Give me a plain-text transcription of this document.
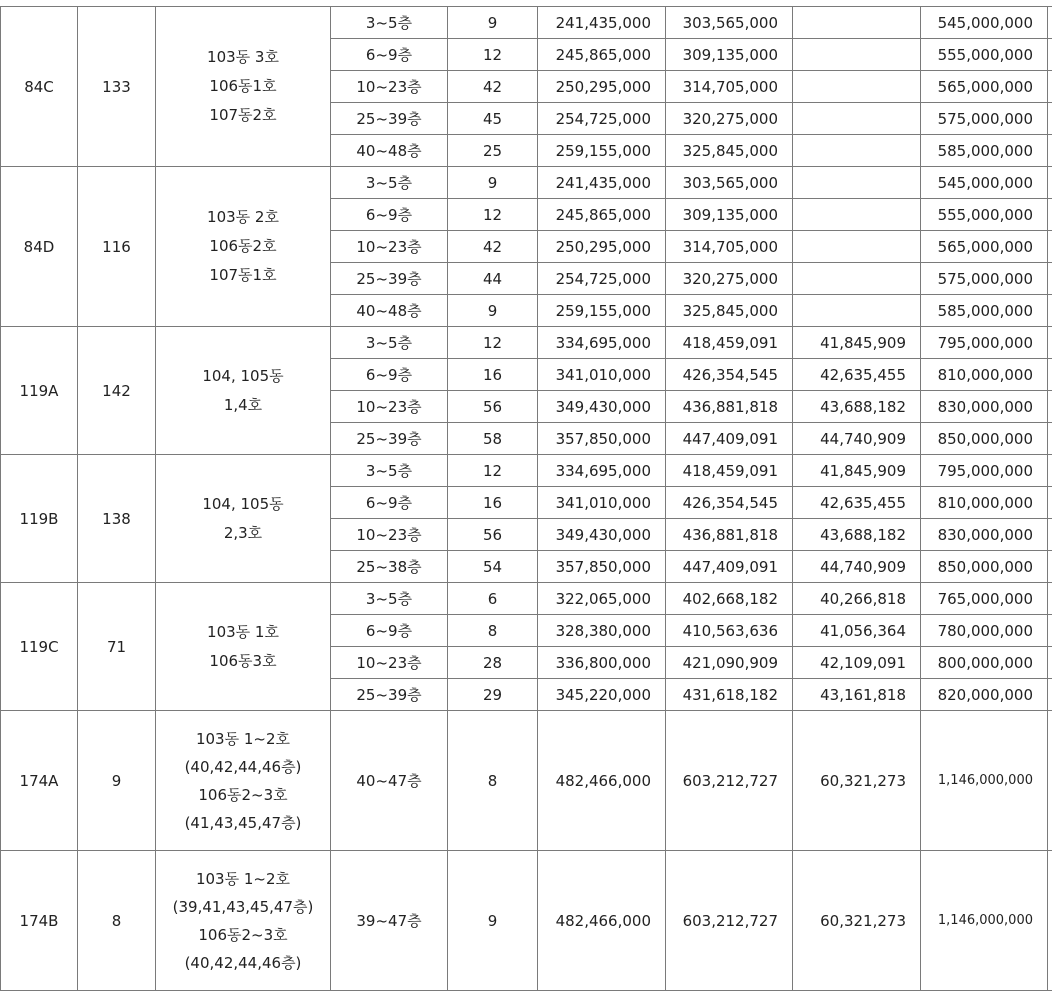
84C	133	103동 3호
106동1호
107동2호	3~5층	9	241,435,000	303,565,000		545,000,000	
			6~9층	12	245,865,000	309,135,000		555,000,000	
			10~23층	42	250,295,000	314,705,000		565,000,000	
			25~39층	45	254,725,000	320,275,000		575,000,000	
			40~48층	25	259,155,000	325,845,000		585,000,000	
84D	116	103동 2호
106동2호
107동1호	3~5층	9	241,435,000	303,565,000		545,000,000	
			6~9층	12	245,865,000	309,135,000		555,000,000	
			10~23층	42	250,295,000	314,705,000		565,000,000	
			25~39층	44	254,725,000	320,275,000		575,000,000	
			40~48층	9	259,155,000	325,845,000		585,000,000	
119A	142	104, 105동
1,4호	3~5층	12	334,695,000	418,459,091	41,845,909	795,000,000	
			6~9층	16	341,010,000	426,354,545	42,635,455	810,000,000	
			10~23층	56	349,430,000	436,881,818	43,688,182	830,000,000	
			25~39층	58	357,850,000	447,409,091	44,740,909	850,000,000	
119B	138	104, 105동
2,3호	3~5층	12	334,695,000	418,459,091	41,845,909	795,000,000	
			6~9층	16	341,010,000	426,354,545	42,635,455	810,000,000	
			10~23층	56	349,430,000	436,881,818	43,688,182	830,000,000	
			25~38층	54	357,850,000	447,409,091	44,740,909	850,000,000	
119C	71	103동 1호
106동3호	3~5층	6	322,065,000	402,668,182	40,266,818	765,000,000	
			6~9층	8	328,380,000	410,563,636	41,056,364	780,000,000	
			10~23층	28	336,800,000	421,090,909	42,109,091	800,000,000	
			25~39층	29	345,220,000	431,618,182	43,161,818	820,000,000	
174A	9	103동 1~2호
(40,42,44,46층)
106동2~3호
(41,43,45,47층)	40~47층	8	482,466,000	603,212,727	60,321,273	1,146,000,000	
174B	8	103동 1~2호
(39,41,43,45,47층)
106동2~3호
(40,42,44,46층)	39~47층	9	482,466,000	603,212,727	60,321,273	1,146,000,000	
